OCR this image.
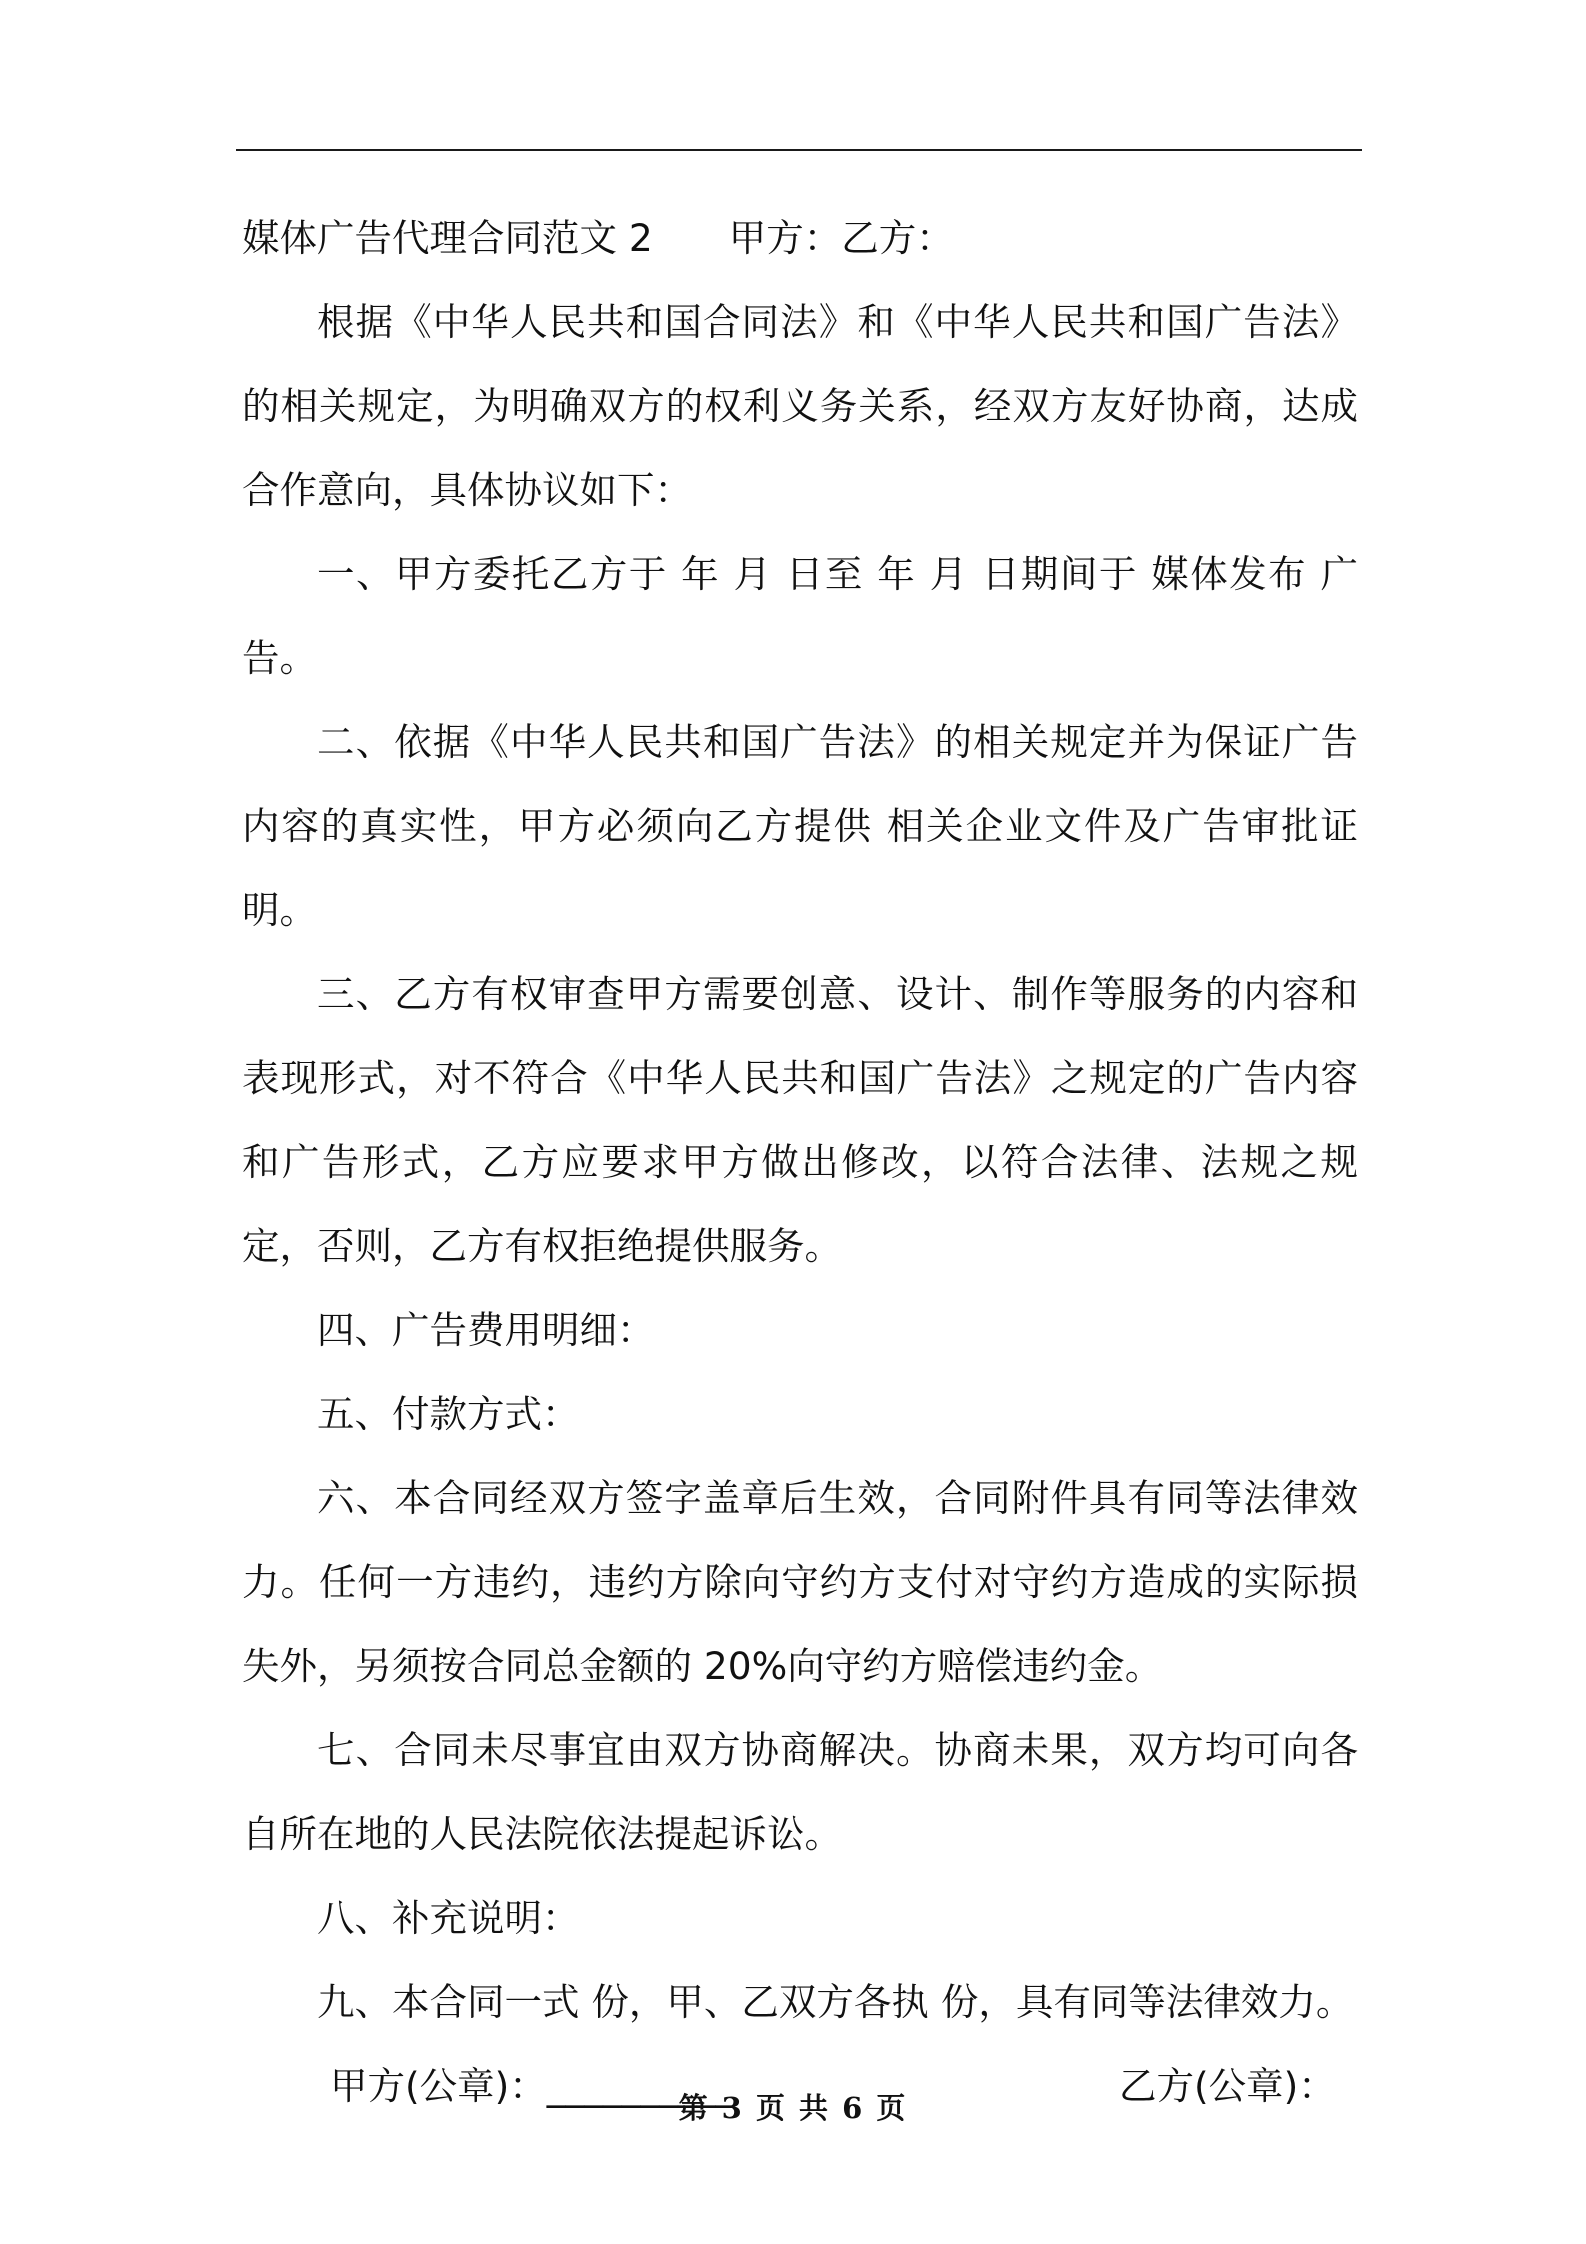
媒体广告代理合同范文 2 甲方：乙方：

根据《中华人民共和国合同法》和《中华人民共和国广告法》的相关规定，为明确双方的权利义务关系，经双方友好协商，达成合作意向，具体协议如下：

一、甲方委托乙方于 年 月 日至 年 月 日期间于 媒体发布 广告。

二、依据《中华人民共和国广告法》的相关规定并为保证广告内容的真实性，甲方必须向乙方提供 相关企业文件及广告审批证明。

三、乙方有权审查甲方需要创意、设计、制作等服务的内容和表现形式，对不符合《中华人民共和国广告法》之规定的广告内容和广告形式，乙方应要求甲方做出修改，以符合法律、法规之规定，否则，乙方有权拒绝提供服务。

四、广告费用明细：

五、付款方式：

六、本合同经双方签字盖章后生效，合同附件具有同等法律效力。任何一方违约，违约方除向守约方支付对守约方造成的实际损失外，另须按合同总金额的 20%向守约方赔偿违约金。

七、合同未尽事宜由双方协商解决。协商未果，双方均可向各自所在地的人民法院依法提起诉讼。

八、补充说明：

九、本合同一式 份，甲、乙双方各执 份，具有同等法律效力。

甲方(公章)：__________	乙方(公章)：
第 3 页 共 6 页
